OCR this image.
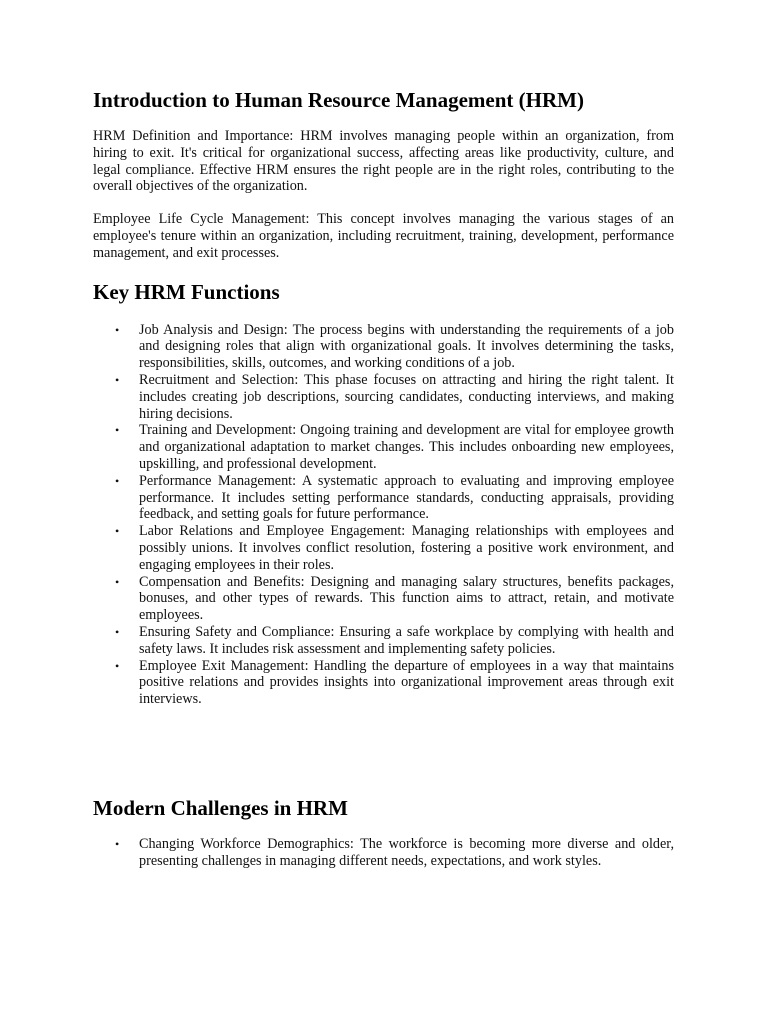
Introduction to Human Resource Management (HRM)

HRM Definition and Importance: HRM involves managing people within an organization, from hiring to exit. It's critical for organizational success, affecting areas like productivity, culture, and legal compliance. Effective HRM ensures the right people are in the right roles, contributing to the overall objectives of the organization.

Employee Life Cycle Management: This concept involves managing the various stages of an employee's tenure within an organization, including recruitment, training, development, performance management, and exit processes.

Key HRM Functions
• Job Analysis and Design: The process begins with understanding the requirements of a job and designing roles that align with organizational goals. It involves determining the tasks, responsibilities, skills, outcomes, and working conditions of a job.
• Recruitment and Selection: This phase focuses on attracting and hiring the right talent. It includes creating job descriptions, sourcing candidates, conducting interviews, and making hiring decisions.
• Training and Development: Ongoing training and development are vital for employee growth and organizational adaptation to market changes. This includes onboarding new employees, upskilling, and professional development.
• Performance Management: A systematic approach to evaluating and improving employee performance. It includes setting performance standards, conducting appraisals, providing feedback, and setting goals for future performance.
• Labor Relations and Employee Engagement: Managing relationships with employees and possibly unions. It involves conflict resolution, fostering a positive work environment, and engaging employees in their roles.
• Compensation and Benefits: Designing and managing salary structures, benefits packages, bonuses, and other types of rewards. This function aims to attract, retain, and motivate employees.
• Ensuring Safety and Compliance: Ensuring a safe workplace by complying with health and safety laws. It includes risk assessment and implementing safety policies.
• Employee Exit Management: Handling the departure of employees in a way that maintains positive relations and provides insights into organizational improvement areas through exit interviews.
Modern Challenges in HRM
• Changing Workforce Demographics: The workforce is becoming more diverse and older, presenting challenges in managing different needs, expectations, and work styles.
